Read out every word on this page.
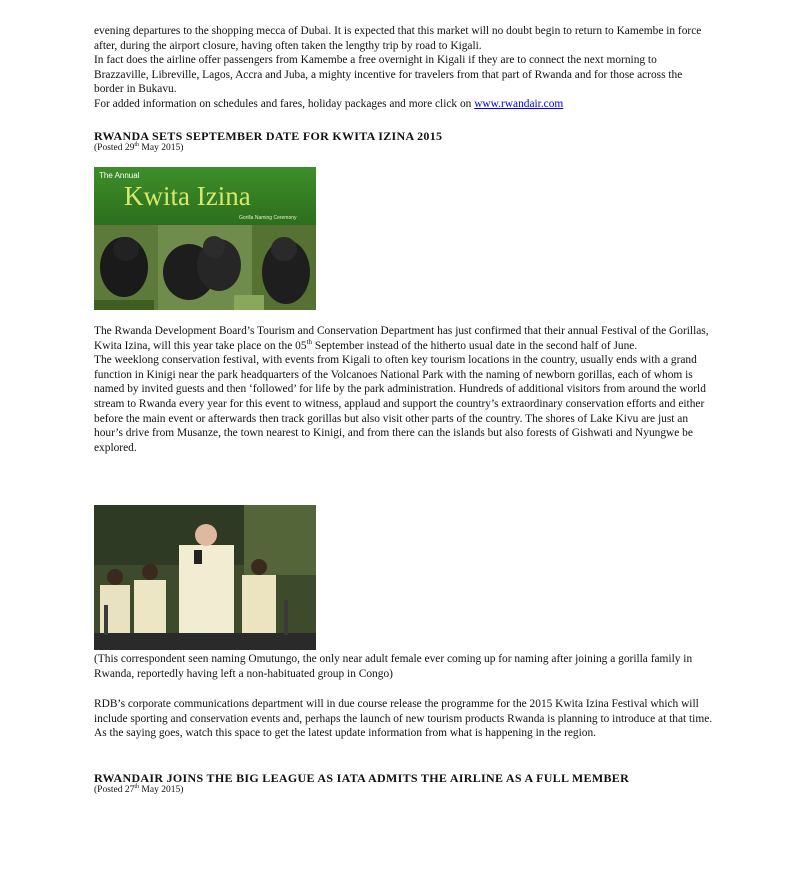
evening departures to the shopping mecca of Dubai. It is expected that this market will no doubt begin to return to Kamembe in force after, during the airport closure, having often taken the lengthy trip by road to Kigali.

In fact does the airline offer passengers from Kamembe a free overnight in Kigali if they are to connect the next morning to Brazzaville, Libreville, Lagos, Accra and Juba, a mighty incentive for travelers from that part of Rwanda and for those across the border in Bukavu.

For added information on schedules and fares, holiday packages and more click on www.rwandair.com

RWANDA SETS SEPTEMBER DATE FOR KWITA IZINA 2015
(Posted 29th May 2015)
The Annual
Kwita Izina
Gorilla Naming Ceremony

The Rwanda Development Board’s Tourism and Conservation Department has just confirmed that their annual Festival of the Gorillas, Kwita Izina, will this year take place on the 05th September instead of the hitherto usual date in the second half of June.

The weeklong conservation festival, with events from Kigali to often key tourism locations in the country, usually ends with a grand function in Kinigi near the park headquarters of the Volcanoes National Park with the naming of newborn gorillas, each of whom is named by invited guests and then ‘followed’ for life by the park administration. Hundreds of additional visitors from around the world stream to Rwanda every year for this event to witness, applaud and support the country’s extraordinary conservation efforts and either before the main event or afterwards then track gorillas but also visit other parts of the country. The shores of Lake Kivu are just an hour’s drive from Musanze, the town nearest to Kinigi, and from there can the islands but also forests of Gishwati and Nyungwe be explored.

(This correspondent seen naming Omutungo, the only near adult female ever coming up for naming after joining a gorilla family in Rwanda, reportedly having left a non-habituated group in Congo)

RDB’s corporate communications department will in due course release the programme for the 2015 Kwita Izina Festival which will include sporting and conservation events and, perhaps the launch of new tourism products Rwanda is planning to introduce at that time. As the saying goes, watch this space to get the latest update information from what is happening in the region.

RWANDAIR JOINS THE BIG LEAGUE AS IATA ADMITS THE AIRLINE AS A FULL MEMBER
(Posted 27th May 2015)
